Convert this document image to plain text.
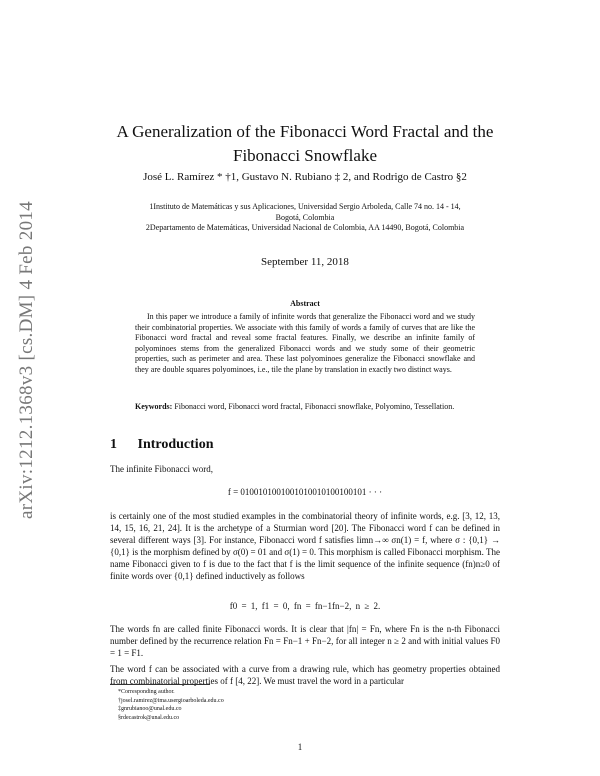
arXiv:1212.1368v3 [cs.DM] 4 Feb 2014
A Generalization of the Fibonacci Word Fractal and the
Fibonacci Snowflake
José L. Ramírez * †1, Gustavo N. Rubiano ‡ 2, and Rodrigo de Castro §2
1Instituto de Matemáticas y sus Aplicaciones, Universidad Sergio Arboleda, Calle 74 no. 14 - 14,
Bogotá, Colombia
2Departamento de Matemáticas, Universidad Nacional de Colombia, AA 14490, Bogotá, Colombia
September 11, 2018
Abstract

In this paper we introduce a family of infinite words that generalize the Fibonacci word and we study their combinatorial properties. We associate with this family of words a family of curves that are like the Fibonacci word fractal and reveal some fractal features. Finally, we describe an infinite family of polyominoes stems from the generalized Fibonacci words and we study some of their geometric properties, such as perimeter and area. These last polyominoes generalize the Fibonacci snowflake and they are double squares polyominoes, i.e., tile the plane by translation in exactly two distinct ways.

Keywords: Fibonacci word, Fibonacci word fractal, Fibonacci snowflake, Polyomino, Tessellation.
1 Introduction
The infinite Fibonacci word,
f = 0100101001001010010100100101 · · ·
is certainly one of the most studied examples in the combinatorial theory of infinite words, e.g. [3, 12, 13, 14, 15, 16, 21, 24]. It is the archetype of a Sturmian word [20]. The Fibonacci word f can be defined in several different ways [3]. For instance, Fibonacci word f satisfies limn→∞ σn(1) = f, where σ : {0,1} → {0,1} is the morphism defined by σ(0) = 01 and σ(1) = 0. This morphism is called Fibonacci morphism. The name Fibonacci given to f is due to the fact that f is the limit sequence of the infinite sequence (fn)n≥0 of finite words over {0,1} defined inductively as follows
f0 = 1, f1 = 0, fn = fn−1fn−2, n ≥ 2.
The words fn are called finite Fibonacci words. It is clear that |fn| = Fn, where Fn is the n-th Fibonacci number defined by the recurrence relation Fn = Fn−1 + Fn−2, for all integer n ≥ 2 and with initial values F0 = 1 = F1.
The word f can be associated with a curve from a drawing rule, which has geometry properties obtained from combinatorial properties of f [4, 22]. We must travel the word in a particular
*Corresponding author.
†josel.ramirez@ima.usergioarboleda.edu.co
‡gnrubianoo@unal.edu.co
§rdecastrok@unal.edu.co
1
